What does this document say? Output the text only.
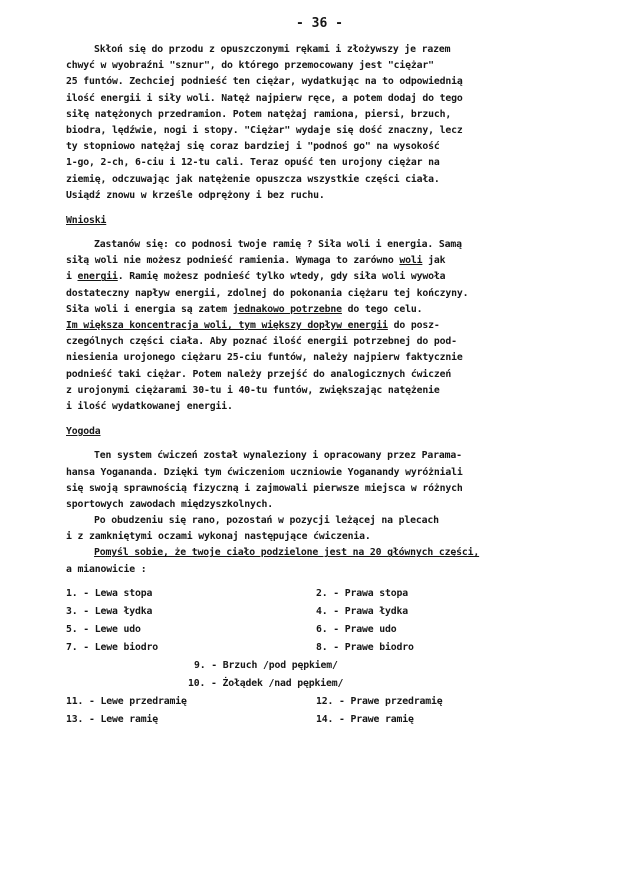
- 36 -
Skłoń się do przodu z opuszczonymi rękami i złożywszy je razem
chwyć w wyobraźni "sznur", do którego przemocowany jest "ciężar"
25 funtów. Zechciej podnieść ten ciężar, wydatkując na to odpowiednią
ilość energii i siły woli. Natęż najpierw ręce, a potem dodaj do tego
siłę natężonych przedramion. Potem natężaj ramiona, piersi, brzuch,
biodra, lędźwie, nogi i stopy. "Ciężar" wydaje się dość znaczny, lecz
ty stopniowo natężaj się coraz bardziej i "podnoś go" na wysokość
1-go, 2-ch, 6-ciu i 12-tu cali. Teraz opuść ten urojony ciężar na
ziemię, odczuwając jak natężenie opuszcza wszystkie części ciała.
Usiądź znowu w krześle odprężony i bez ruchu.
Wnioski
Zastanów się: co podnosi twoje ramię ? Siła woli i energia. Samą
siłą woli nie możesz podnieść ramienia. Wymaga to zarówno woli jak
i energii. Ramię możesz podnieść tylko wtedy, gdy siła woli wywoła
dostateczny napływ energii, zdolnej do pokonania ciężaru tej kończyny.
Siła woli i energia są zatem jednakowo potrzebne do tego celu.
Im większa koncentracja woli, tym większy dopływ energii do posz-
czególnych części ciała. Aby poznać ilość energii potrzebnej do pod-
niesienia urojonego ciężaru 25-ciu funtów, należy najpierw faktycznie
podnieść taki ciężar. Potem należy przejść do analogicznych ćwiczeń
z urojonymi ciężarami 30-tu i 40-tu funtów, zwiększając natężenie
i ilość wydatkowanej energii.
Yogoda
Ten system ćwiczeń został wynaleziony i opracowany przez Parama-
hansa Yogananda. Dzięki tym ćwiczeniom uczniowie Yoganandy wyróżniali
się swoją sprawnością fizyczną i zajmowali pierwsze miejsca w różnych
sportowych zawodach międzyszkolnych.
Po obudzeniu się rano, pozostań w pozycji leżącej na plecach
i z zamkniętymi oczami wykonaj następujące ćwiczenia.
Pomyśl sobie, że twoje ciało podzielone jest na 20 głównych części,
a mianowicie :
1. - Lewa stopa	2. - Prawa stopa
3. - Lewa łydka	4. - Prawa łydka
5. - Lewe udo	6. - Prawe udo
7. - Lewe biodro	8. - Prawe biodro
9. - Brzuch /pod pępkiem/
10. - Żołądek /nad pępkiem/
11. - Lewe przedramię	12. - Prawe przedramię
13. - Lewe ramię	14. - Prawe ramię
